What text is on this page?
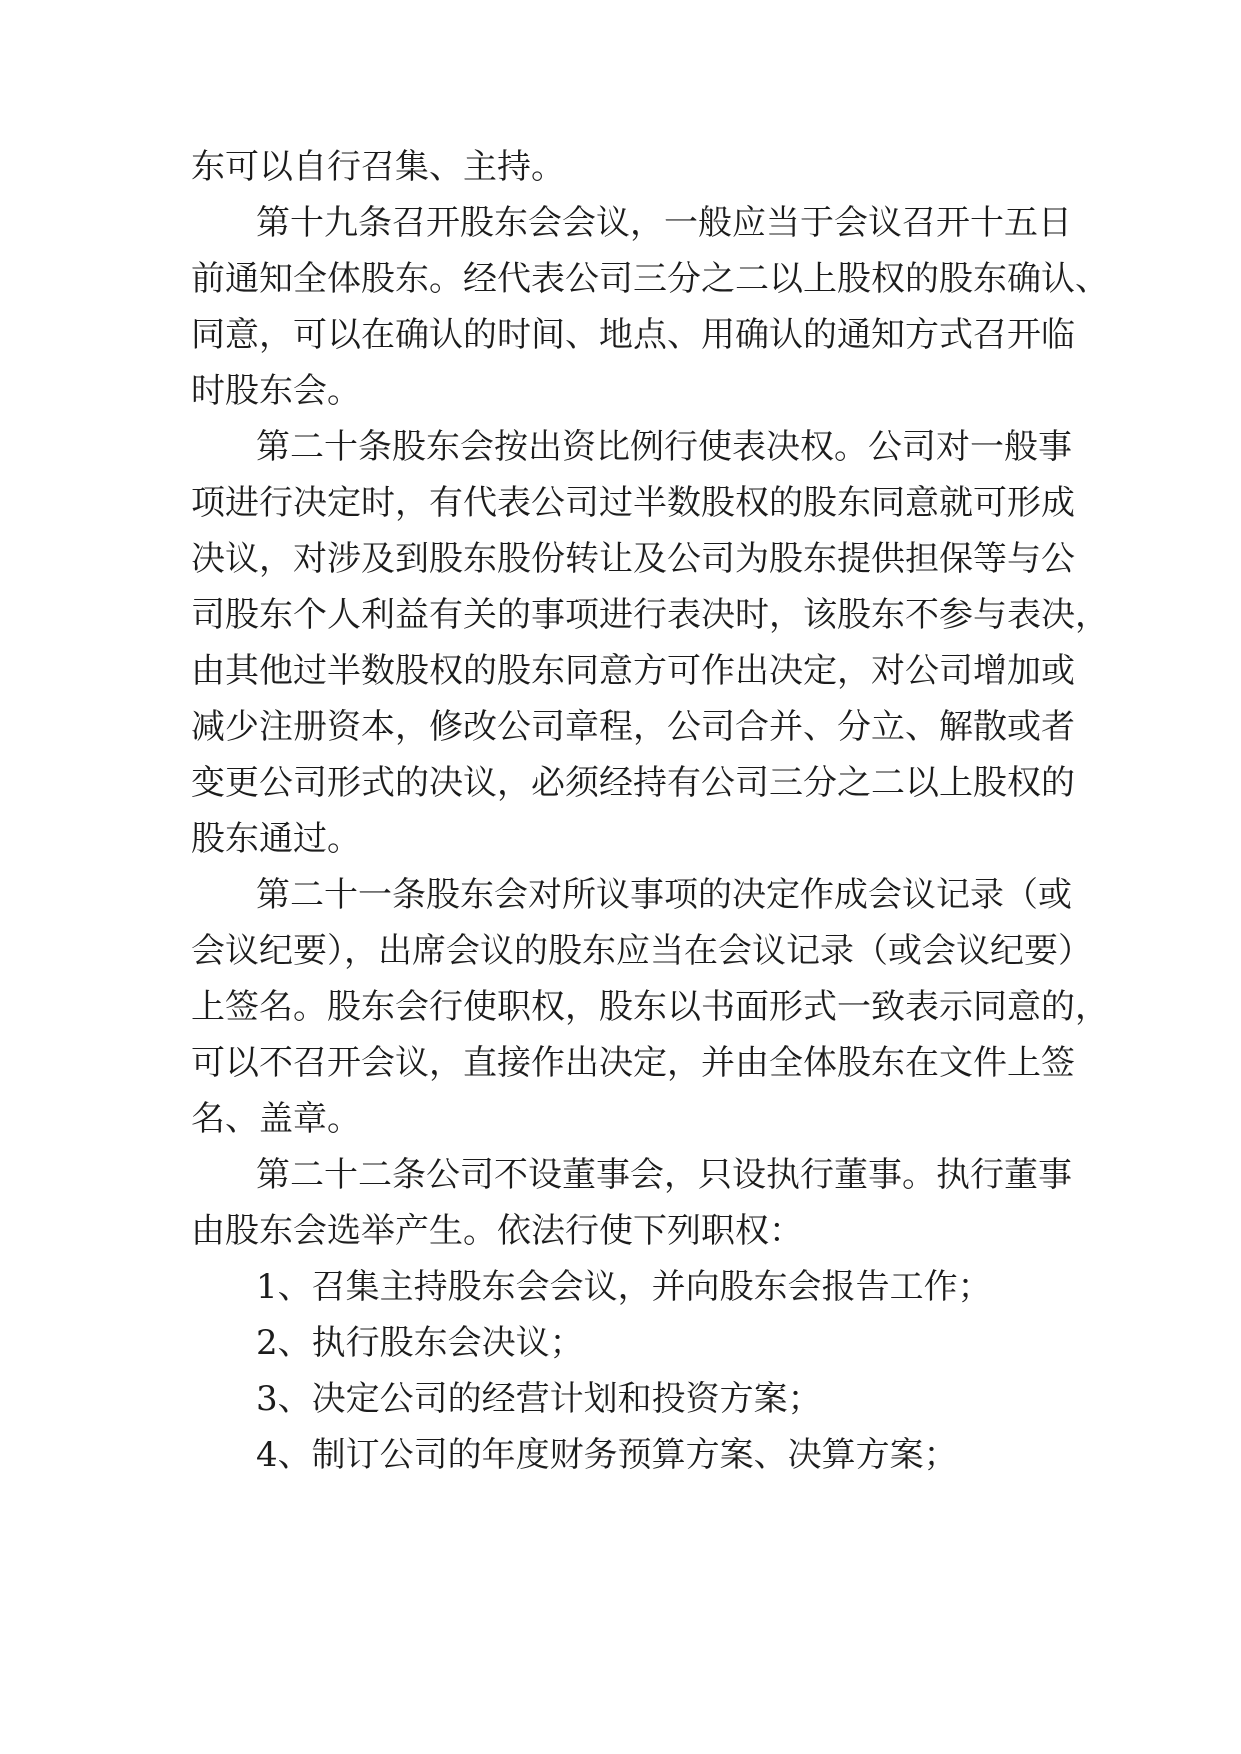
东可以自行召集、主持。
第十九条召开股东会会议，一般应当于会议召开十五日
前通知全体股东。经代表公司三分之二以上股权的股东确认、
同意，可以在确认的时间、地点、用确认的通知方式召开临
时股东会。
第二十条股东会按出资比例行使表决权。公司对一般事
项进行决定时，有代表公司过半数股权的股东同意就可形成
决议，对涉及到股东股份转让及公司为股东提供担保等与公
司股东个人利益有关的事项进行表决时，该股东不参与表决，
由其他过半数股权的股东同意方可作出决定，对公司增加或
减少注册资本，修改公司章程，公司合并、分立、解散或者
变更公司形式的决议，必须经持有公司三分之二以上股权的
股东通过。
第二十一条股东会对所议事项的决定作成会议记录（或
会议纪要），出席会议的股东应当在会议记录（或会议纪要）
上签名。股东会行使职权，股东以书面形式一致表示同意的，
可以不召开会议，直接作出决定，并由全体股东在文件上签
名、盖章。
第二十二条公司不设董事会，只设执行董事。执行董事
由股东会选举产生。依法行使下列职权：
1、召集主持股东会会议，并向股东会报告工作；
2、执行股东会决议；
3、决定公司的经营计划和投资方案；
4、制订公司的年度财务预算方案、决算方案；
